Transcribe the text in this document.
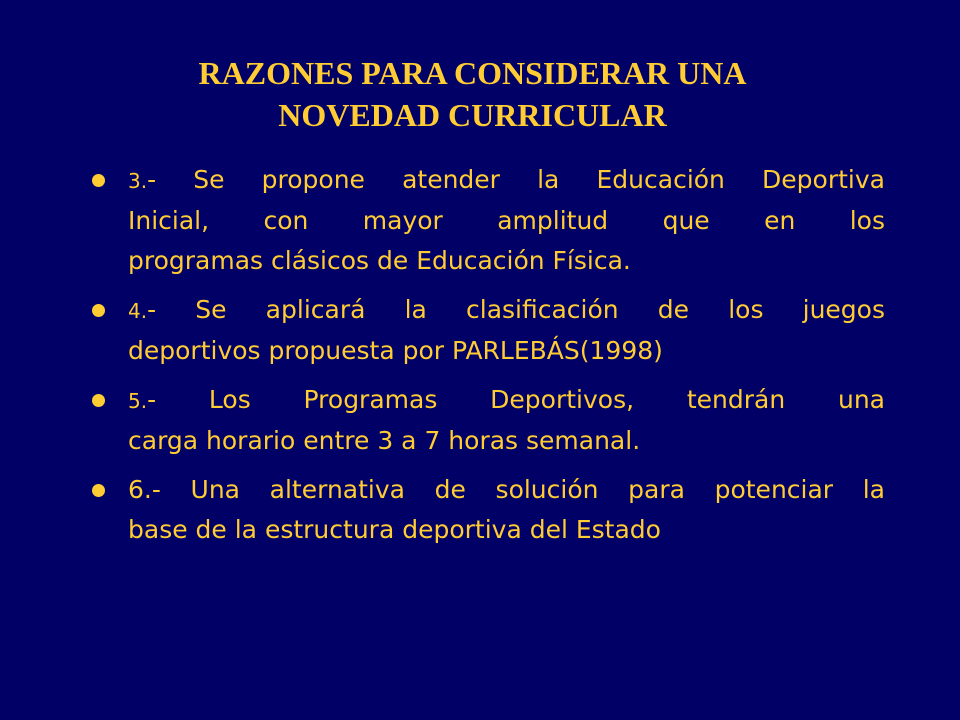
RAZONES PARA CONSIDERAR UNA
NOVEDAD CURRICULAR
3.- Se propone atender la Educación Deportiva
Inicial, con mayor amplitud que en los
programas clásicos de Educación Física.
4.- Se aplicará la clasificación de los juegos
deportivos propuesta por PARLEBÁS(1998)
5.- Los Programas Deportivos, tendrán una
carga horario entre 3 a 7 horas semanal.
6.- Una alternativa de solución para potenciar la
base de la estructura deportiva del Estado
